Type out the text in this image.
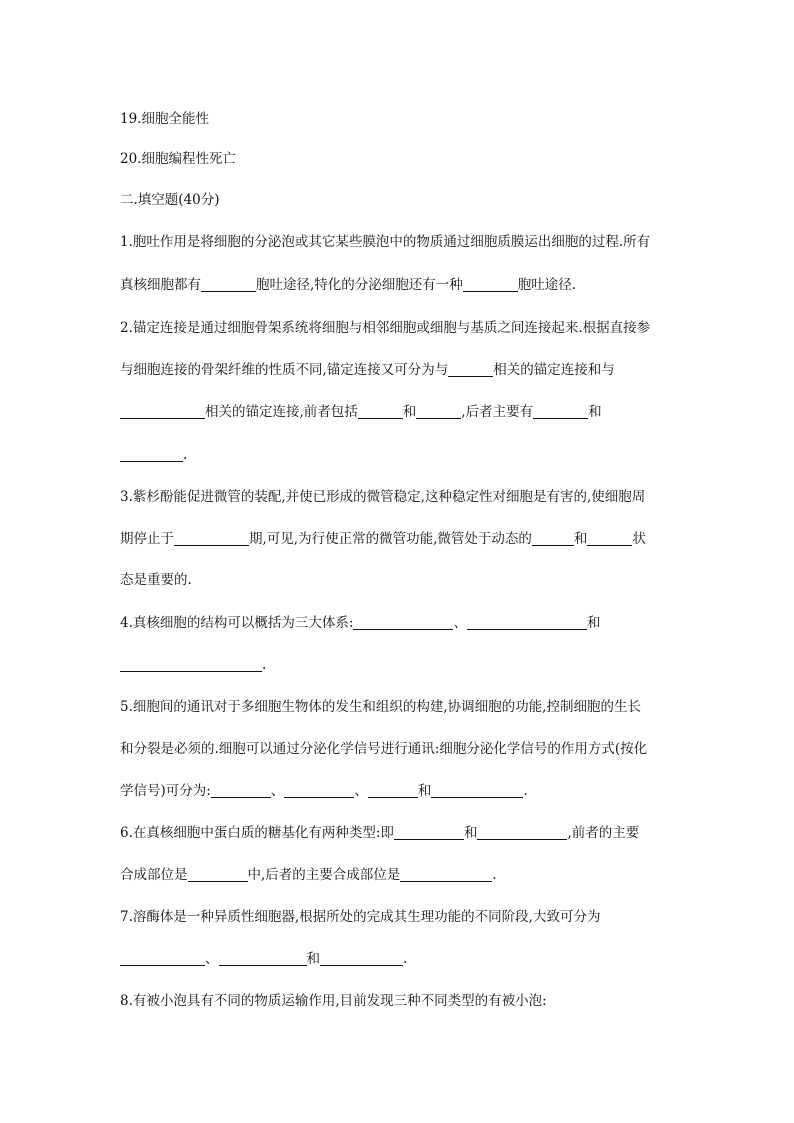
19.细胞全能性
20.细胞编程性死亡
二.填空题(40分)
1.胞吐作用是将细胞的分泌泡或其它某些膜泡中的物质通过细胞质膜运出细胞的过程.所有
真核细胞都有	胞吐途径,特化的分泌细胞还有一种	胞吐途径.
2.锚定连接是通过细胞骨架系统将细胞与相邻细胞或细胞与基质之间连接起来.根据直接参
与细胞连接的骨架纤维的性质不同,锚定连接又可分为与	相关的锚定连接和与
相关的锚定连接,前者包括	和	,后者主要有	和
.
3.紫杉酚能促进微管的装配,并使已形成的微管稳定,这种稳定性对细胞是有害的,使细胞周
期停止于	期,可见,为行使正常的微管功能,微管处于动态的	和	状
态是重要的.
4.真核细胞的结构可以概括为三大体系:	、	和
.
5.细胞间的通讯对于多细胞生物体的发生和组织的构建,协调细胞的功能,控制细胞的生长
和分裂是必须的.细胞可以通过分泌化学信号进行通讯:细胞分泌化学信号的作用方式(按化
学信号)可分为:	、	、	和	.
6.在真核细胞中蛋白质的糖基化有两种类型:即	和	,前者的主要
合成部位是	中,后者的主要合成部位是	.
7.溶酶体是一种异质性细胞器,根据所处的完成其生理功能的不同阶段,大致可分为
、	和	.
8.有被小泡具有不同的物质运输作用,目前发现三种不同类型的有被小泡:
